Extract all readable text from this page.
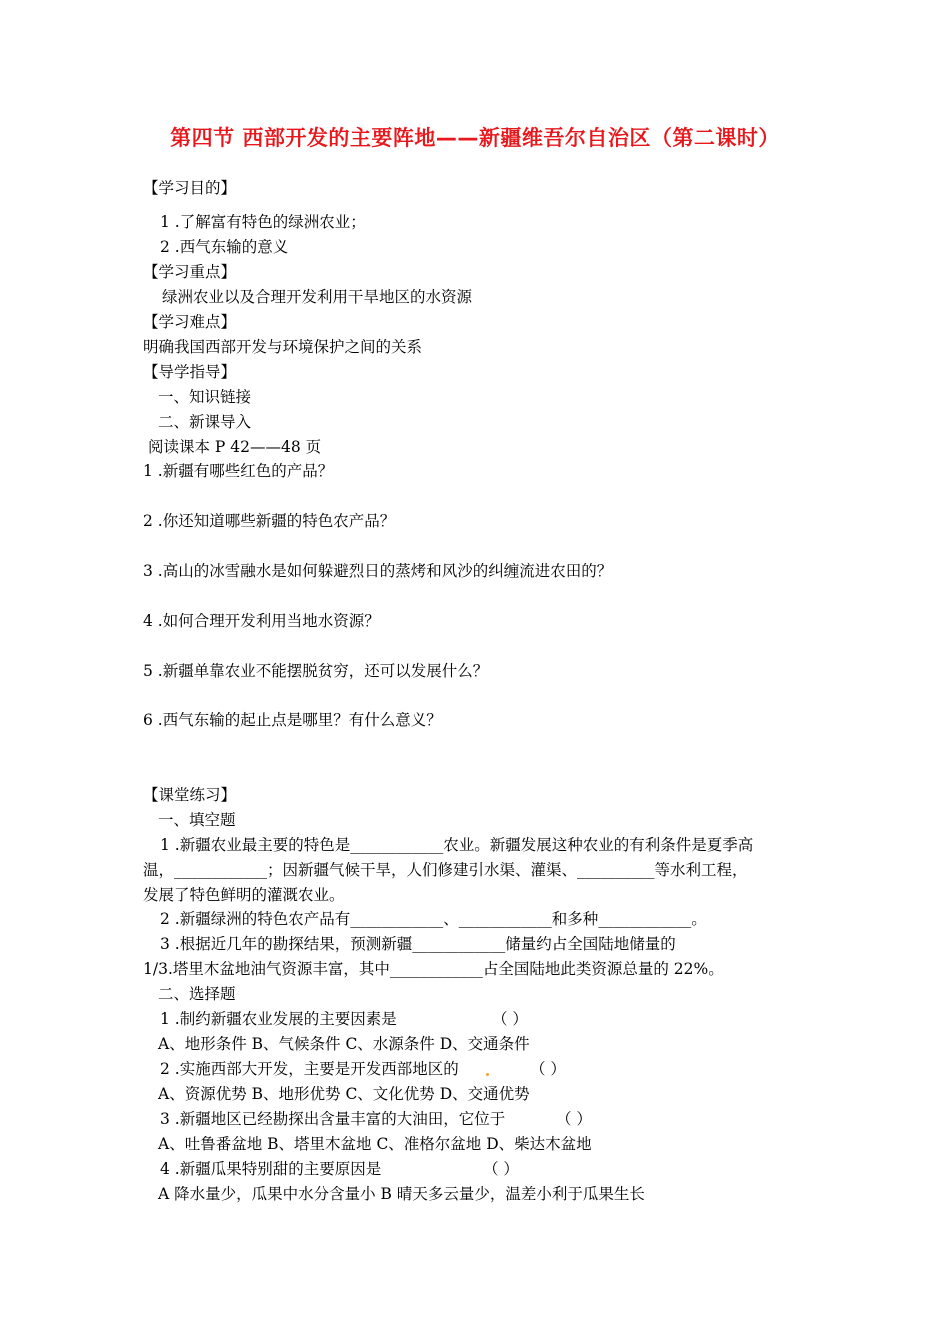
第四节 西部开发的主要阵地——新疆维吾尔自治区（第二课时）
【学习目的】
1 .了解富有特色的绿洲农业；
2 .西气东输的意义
【学习重点】
绿洲农业以及合理开发利用干旱地区的水资源
【学习难点】
明确我国西部开发与环境保护之间的关系
【导学指导】
一、知识链接
二、新课导入
阅读课本 P 42——48 页
1 .新疆有哪些红色的产品？
2 .你还知道哪些新疆的特色农产品？
3 .高山的冰雪融水是如何躲避烈日的蒸烤和风沙的纠缠流进农田的？
4 .如何合理开发利用当地水资源？
5 .新疆单靠农业不能摆脱贫穷，还可以发展什么？
6 .西气东输的起止点是哪里？有什么意义？
【课堂练习】
一、填空题
1 .新疆农业最主要的特色是____________农业。新疆发展这种农业的有利条件是夏季高
温，____________；因新疆气候干旱，人们修建引水渠、灌渠、__________等水利工程，
发展了特色鲜明的灌溉农业。
2 .新疆绿洲的特色农产品有____________、____________和多种____________。
3 .根据近几年的勘探结果，预测新疆____________储量约占全国陆地储量的
1/3.塔里木盆地油气资源丰富，其中____________占全国陆地此类资源总量的 22%。
二、选择题
1 .制约新疆农业发展的主要因素是	（ ）
A、地形条件 B、气候条件 C、水源条件 D、交通条件
2 .实施西部大开发，主要是开发西部地区的	（ ）
A、资源优势 B、地形优势 C、文化优势 D、交通优势
3 .新疆地区已经勘探出含量丰富的大油田，它位于	（ ）
A、吐鲁番盆地 B、塔里木盆地 C、准格尔盆地 D、柴达木盆地
4 .新疆瓜果特别甜的主要原因是	（ ）
A 降水量少，瓜果中水分含量小 B 晴天多云量少，温差小利于瓜果生长
